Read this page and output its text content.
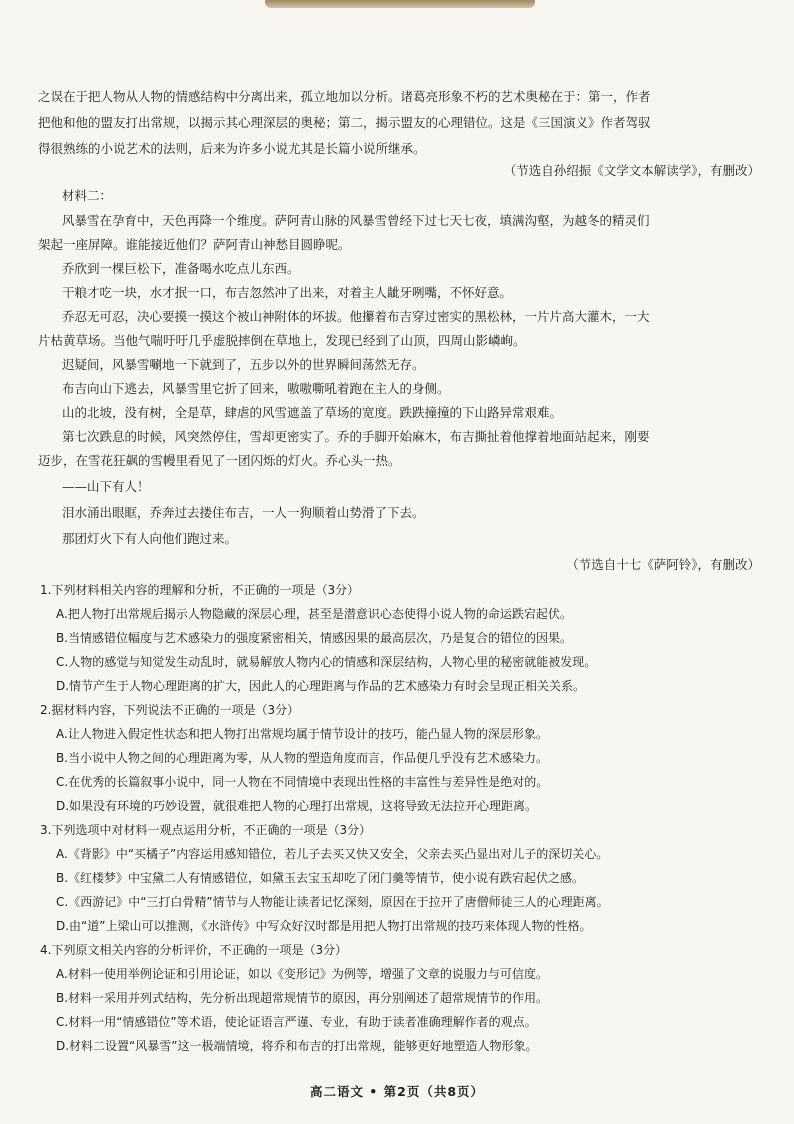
之误在于把人物从人物的情感结构中分离出来，孤立地加以分析。诸葛亮形象不朽的艺术奥秘在于：第一，作者
把他和他的盟友打出常规，以揭示其心理深层的奥秘；第二，揭示盟友的心理错位。这是《三国演义》作者驾驭
得很熟练的小说艺术的法则，后来为许多小说尤其是长篇小说所继承。
（节选自孙绍振《文学文本解读学》，有删改）
材料二：
风暴雪在孕育中，天色再降一个维度。萨阿青山脉的风暴雪曾经下过七天七夜，填满沟壑，为越冬的精灵们
架起一座屏障。谁能接近他们？萨阿青山神愁目圆睁呢。
乔欣到一棵巨松下，准备喝水吃点儿东西。
干粮才吃一块，水才抿一口，布吉忽然冲了出来，对着主人龇牙咧嘴，不怀好意。
乔忍无可忍，决心要摸一摸这个被山神附体的坏拔。他攥着布吉穿过密实的黑松林，一片片高大灌木，一大
片枯黄草场。当他气喘吁吁几乎虚脱摔倒在草地上，发现已经到了山顶，四周山影嶙峋。
迟疑间，风暴雪唰地一下就到了，五步以外的世界瞬间荡然无存。
布吉向山下逃去，风暴雪里它折了回来，嗷嗷嘶吼着跑在主人的身侧。
山的北坡，没有树，全是草，肆虐的风雪遮盖了草场的宽度。跌跌撞撞的下山路异常艰难。
第七次跌息的时候，风突然停住，雪却更密实了。乔的手脚开始麻木，布吉撕扯着他撑着地面站起来，刚要
迈步，在雪花狂飙的雪幔里看见了一团闪烁的灯火。乔心头一热。
——山下有人！
泪水涌出眼眶，乔奔过去搂住布吉，一人一狗顺着山势滑了下去。
那团灯火下有人向他们跑过来。
（节选自十七《萨阿铃》，有删改）
1.下列材料相关内容的理解和分析，不正确的一项是（3分）
A.把人物打出常规后揭示人物隐藏的深层心理，甚至是潜意识心态使得小说人物的命运跌宕起伏。
B.当情感错位幅度与艺术感染力的强度紧密相关，情感因果的最高层次，乃是复合的错位的因果。
C.人物的感觉与知觉发生动乱时，就易解放人物内心的情感和深层结构，人物心里的秘密就能被发现。
D.情节产生于人物心理距离的扩大，因此人的心理距离与作品的艺术感染力有时会呈现正相关关系。
2.据材料内容，下列说法不正确的一项是（3分）
A.让人物进入假定性状态和把人物打出常规均属于情节设计的技巧，能凸显人物的深层形象。
B.当小说中人物之间的心理距离为零，从人物的塑造角度而言，作品便几乎没有艺术感染力。
C.在优秀的长篇叙事小说中，同一人物在不同情境中表现出性格的丰富性与差异性是绝对的。
D.如果没有环境的巧妙设置，就很难把人物的心理打出常规，这将导致无法拉开心理距离。
3.下列选项中对材料一观点运用分析，不正确的一项是（3分）
A.《背影》中“买橘子”内容运用感知错位，若儿子去买又快又安全，父亲去买凸显出对儿子的深切关心。
B.《红楼梦》中宝黛二人有情感错位，如黛玉去宝玉却吃了闭门羹等情节，使小说有跌宕起伏之感。
C.《西游记》中“三打白骨精”情节与人物能让读者记忆深刻，原因在于拉开了唐僧师徒三人的心理距离。
D.由“道”上梁山可以推测，《水浒传》中写众好汉时都是用把人物打出常规的技巧来体现人物的性格。
4.下列原文相关内容的分析评价，不正确的一项是（3分）
A.材料一使用举例论证和引用论证，如以《变形记》为例等，增强了文章的说服力与可信度。
B.材料一采用并列式结构，先分析出现超常规情节的原因，再分别阐述了超常规情节的作用。
C.材料一用“情感错位”等术语，使论证语言严谨、专业，有助于读者准确理解作者的观点。
D.材料二设置“风暴雪”这一极端情境，将乔和布吉的打出常规，能够更好地塑造人物形象。
高二语文 • 第2页（共8页）
